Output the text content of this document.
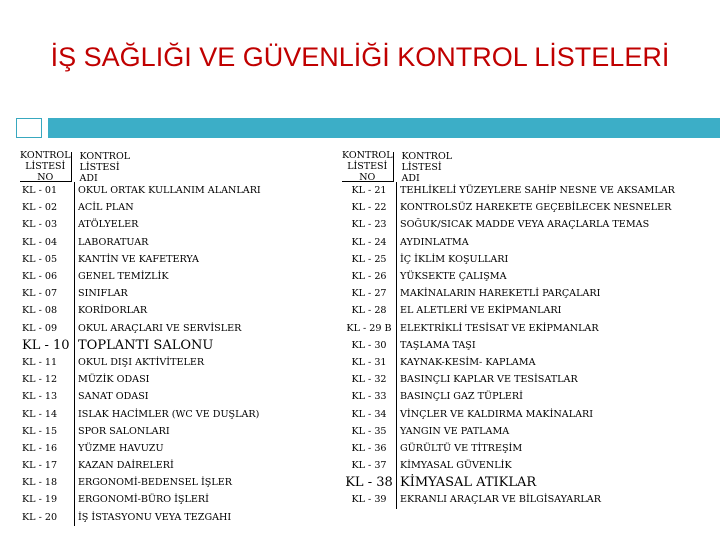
İŞ SAĞLIĞI VE GÜVENLİĞİ KONTROL LİSTELERİ
KONTROL LİSTESİ NO
KONTROL LİSTESİ ADI
KL - 01	OKUL ORTAK KULLANIM ALANLARI
KL - 02	ACİL PLAN
KL - 03	ATÖLYELER
KL - 04	LABORATUAR
KL - 05	KANTİN VE KAFETERYA
KL - 06	GENEL TEMİZLİK
KL - 07	SINIFLAR
KL - 08	KORİDORLAR
KL - 09	OKUL ARAÇLARI VE SERVİSLER
KL - 10 TOPLANTI SALONU
KL - 11	OKUL DIŞI AKTİVİTELER
KL - 12	MÜZİK ODASI
KL - 13	SANAT ODASI
KL - 14	ISLAK HACİMLER (WC VE DUŞLAR)
KL - 15	SPOR SALONLARI
KL - 16	YÜZME HAVUZU
KL - 17	KAZAN DAİRELERİ
KL - 18	ERGONOMİ-BEDENSEL İŞLER
KL - 19	ERGONOMİ-BÜRO İŞLERİ
KL - 20	İŞ İSTASYONU VEYA TEZGAHI
KONTROL LİSTESİ NO
KONTROL LİSTESİ ADI
KL - 21	TEHLİKELİ YÜZEYLERE SAHİP NESNE VE AKSAMLAR
KL - 22	KONTROLSÜZ HAREKETE GEÇEBİLECEK NESNELER
KL - 23	SOĞUK/SICAK MADDE VEYA ARAÇLARLA TEMAS
KL - 24	AYDINLATMA
KL - 25	İÇ İKLİM KOŞULLARI
KL - 26	YÜKSEKTE ÇALIŞMA
KL - 27	MAKİNALARIN HAREKETLİ PARÇALARI
KL - 28	EL ALETLERİ VE EKİPMANLARI
KL - 29 B ELEKTRİKLİ TESİSAT VE EKİPMANLAR
KL - 30	TAŞLAMA TAŞI
KL - 31	KAYNAK-KESİM- KAPLAMA
KL - 32	BASINÇLI KAPLAR VE TESİSATLAR
KL - 33	BASINÇLI GAZ TÜPLERİ
KL - 34	VİNÇLER VE KALDIRMA MAKİNALARI
KL - 35	YANGIN VE PATLAMA
KL - 36	GÜRÜLTÜ VE TİTREŞİM
KL - 37	KİMYASAL GÜVENLİK
KL - 38 KİMYASAL ATIKLAR
KL - 39	EKRANLI ARAÇLAR VE BİLGİSAYARLAR
